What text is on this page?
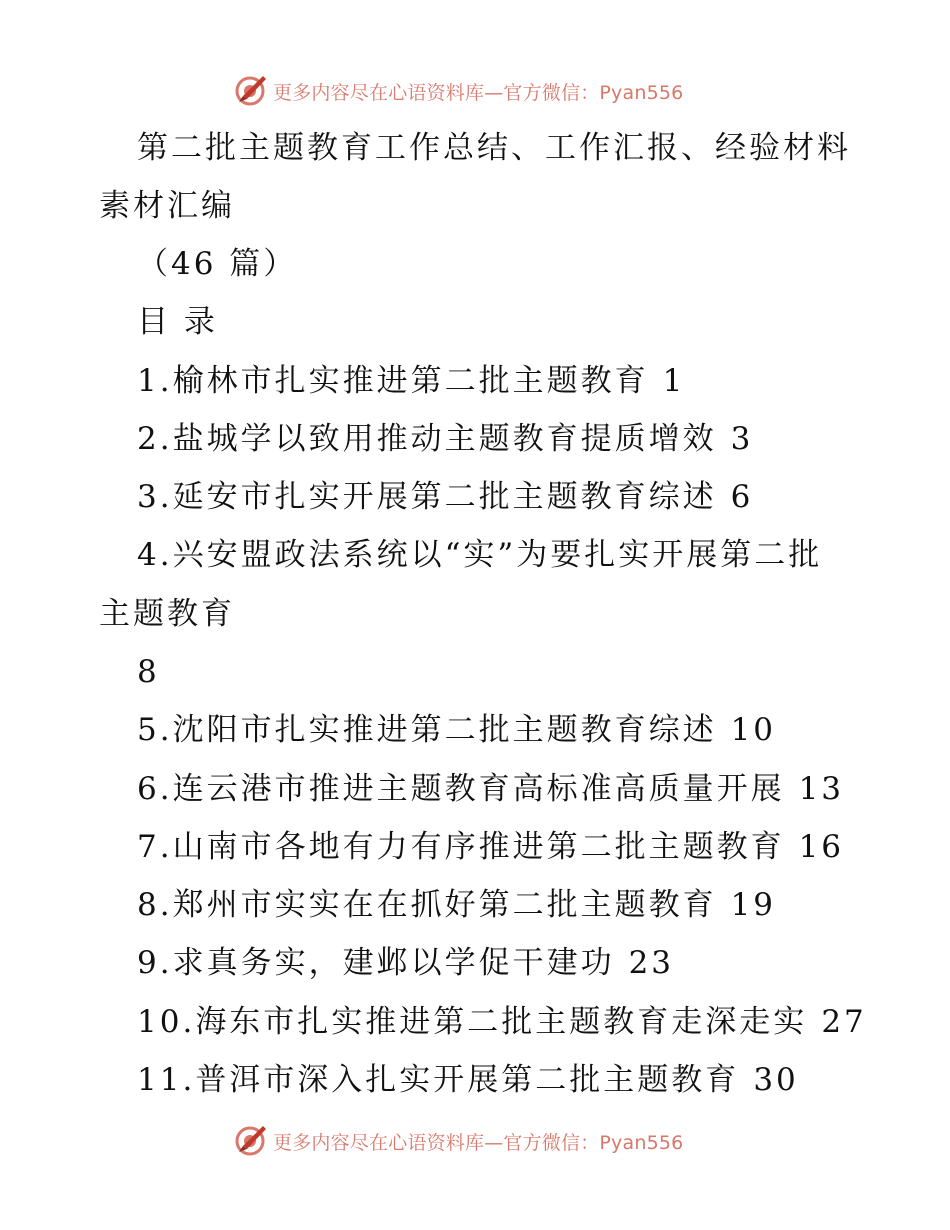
更多内容尽在心语资料库—官方微信：Pyan556
第二批主题教育工作总结、工作汇报、经验材料
素材汇编
（46 篇）
目 录
1.榆林市扎实推进第二批主题教育 1
2.盐城学以致用推动主题教育提质增效 3
3.延安市扎实开展第二批主题教育综述 6
4.兴安盟政法系统以“实”为要扎实开展第二批
主题教育
8
5.沈阳市扎实推进第二批主题教育综述 10
6.连云港市推进主题教育高标准高质量开展 13
7.山南市各地有力有序推进第二批主题教育 16
8.郑州市实实在在抓好第二批主题教育 19
9.求真务实，建邺以学促干建功 23
10.海东市扎实推进第二批主题教育走深走实 27
11.普洱市深入扎实开展第二批主题教育 30
更多内容尽在心语资料库—官方微信：Pyan556
